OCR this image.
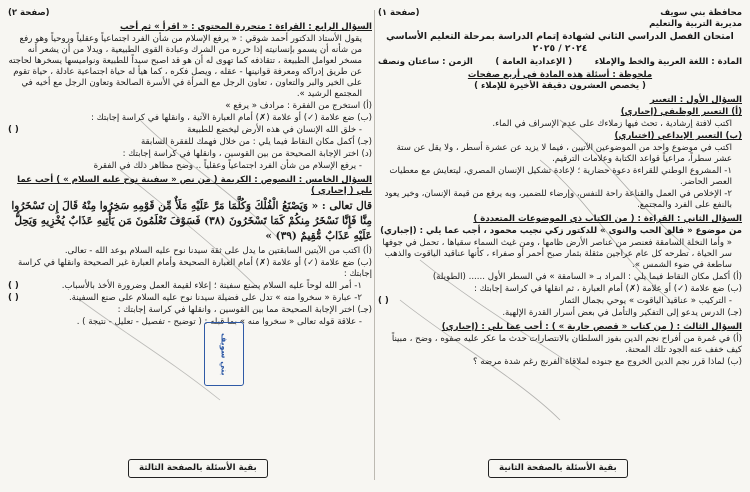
محافظة بني سويف
مديرية التربية والتعليم
(صفحة ١)
امتحان الفصل الدراسي الثاني لشهادة إتمام الدراسة بمرحلة التعليم الأساسي ٢٠٢٤ / ٢٠٢٥
المادة : اللغة العربية والخط والإملاء
( الإعدادية العامة )
الزمن : ساعتان ونصف
ملحوظة : أسئلة هذه المادة في أربع صفحات
( يخصص العشرون دقيقة الأخيرة للإملاء )
السؤال الأول : التعبير
(أ) التعبير الوظيفي (إجباري)
اكتب لافتة إرشادية ، تحث فيها زملاءك على عدم الإسراف في الماء.
(ب) التعبير الإبداعي (اختياري)
اكتب في موضوع واحد من الموضوعين الآتيين ، فيما لا يزيد عن عشرة أسطر ، ولا يقل عن ستة عشر سطراً، مراعياً قواعد الكتابة وعلامات الترقيم.
١- المشروع الوطني للقراءة دعوة حضارية ؛ لإعادة تشكيل الإنسان المصري، ليتعايش مع معطيات العصر الحاضر.
٢- الإخلاص في العمل والقناعة راحة للنفس، وإرضاء للضمير، وبه يرفع من قيمة الإنسان، وخير يعود بالنفع على الفرد والمجتمع.
السؤال الثاني : القراءة : ( من الكتاب ذي الموضوعات المتعددة )
من موضوع « فالق الحب والنوى » للدكتور زكي نجيب محمود ، أجب عما يلي : (إجباري)
« وأما النخلة السامقة فعنصر من عناصر الأرض ظامها ، ومن غيث السماء سقياها ، تحمل في جوفها سر الحياة ، تطرحه كل عام عراجين مثقلة بثمار صبح أحمر أو صفراء ، كأنها عناقيد الياقوت والذهب ساطعة في ضوء الشمس ».
(أ) أكمل مكان النقاط فيما يلي : المراد بـ « السامقة » في السطر الأول ...... (الطويلة)
(ب) ضع علامة (✓) أو علامة (✗) أمام العبارة ، ثم انقلها في كراسة إجابتك :
- التركيب « عناقيد الياقوت » يوحي بجمال الثمار
( )
(جـ) الدرس يدعو إلى التفكير والتأمل في بعض أسرار القدرة الإلهية.
السؤال الثالث : ( من كتاب « قصص جارية » ) : أجب عما يلي : (إجباري)
(أ) في غمرة من أفراح نجم الدين بفوز السلطان بالانتصارات حدث ما عكر عليه صفوه ، وضح ، مبيناً كيف خفف عنه الجود تلك المحنة.
(ب) لماذا قرر نجم الدين الخروج مع جنوده لملاقاة الفرنج رغم شدة مرضه ؟
بقية الأسئلة بالصفحة الثانية
(صفحة ٢)
السؤال الرابع : القراءة : متحررة المحتوى : « اقرأ » ثم أجب
يقول الأستاذ الدكتور أحمد شوقي : « يرفع الإسلام من شأن الفرد اجتماعياً وعقلياً وروحياً وهو رفع من شأنه أن يسمو بإنسانيته إذا حرره من الشرك وعبادة القوى الطبيعية ، ويدلا من أن يشعر أنه مسخر لعوامل الطبيعة ، تتقاذفه كما تهوى له أن هو قد اصبح سيداً للطبيعة ونواميسها يسخرها لحاجته عن طريق إدراكه ومعرفة قوانينها - عقله ، ويصل فكره ، كما هيأ له حياة اجتماعية عادلة ، حياة تقوم على الخير والبر والتعاون ، تعاون الرجل مع المرأة في الأسرة الصالحة وتعاون الرجل مع أخيه في المجتمع الرشيد ».
(أ) استخرج من الفقرة : مرادف « يرفع »
(ب) ضع علامة (✓) أو علامة (✗) أمام العبارة الآتية ، وانقلها في كراسة إجابتك :
- خلق الله الإنسان في هذه الأرض ليخضع للطبيعة
( )
(جـ) أكمل مكان النقاط فيما يلي : من خلال فهمك للفقرة السابقة
(د) اختر الإجابة الصحيحة من بين القوسين ، وانقلها في كراسة إجابتك :
- يرفع الإسلام من شأن الفرد اجتماعياً وعقلياً .. وضح مظاهر ذلك في الفقرة
السؤال الخامس : النصوص : الكريمة ( من نص « سفينة نوح عليه السلام » ) أجب عما يلي ( إجباري )
قال تعالى : « وَيَصْنَعُ الْفُلْكَ وَكُلَّمَا مَرَّ عَلَيْهِ مَلَأٌ مِّن قَوْمِهِ سَخِرُوا مِنْهُ قَالَ إِن تَسْخَرُوا مِنَّا فَإِنَّا نَسْخَرُ مِنكُمْ كَمَا تَسْخَرُونَ (٣٨) فَسَوْفَ تَعْلَمُونَ مَن يَأْتِيهِ عَذَابٌ يُخْزِيهِ وَيَحِلُّ عَلَيْهِ عَذَابٌ مُّقِيمٌ (٣٩) »
(أ) اكتب من الآيتين السابقتين ما يدل على ثقة سيدنا نوح عليه السلام بوعد الله - تعالى.
(ب) ضع علامة (✓) أو علامة (✗) أمام العبارة الصحيحة وأمام العبارة غير الصحيحة وانقلها في كراسة إجابتك :
١- أمر الله لوحاً عليه السلام بصنع سفينة ؛ إعلاء لقيمة العمل وضرورة الأخذ بالأسباب.
( )
٢- عبارة « سخروا منه » تدل على فضيلة سيدنا نوح عليه السلام على صنع السفينة.
( )
(جـ) اختر الإجابة الصحيحة مما بين القوسين ، وانقلها في كراسة إجابتك :
- علاقة قوله تعالى « سخروا منه » بما قبله : ( توضيح - تفصيل - تعليل - نتيجة ) .
بقية الأسئلة بالصفحة الثالثة
بني سويف
